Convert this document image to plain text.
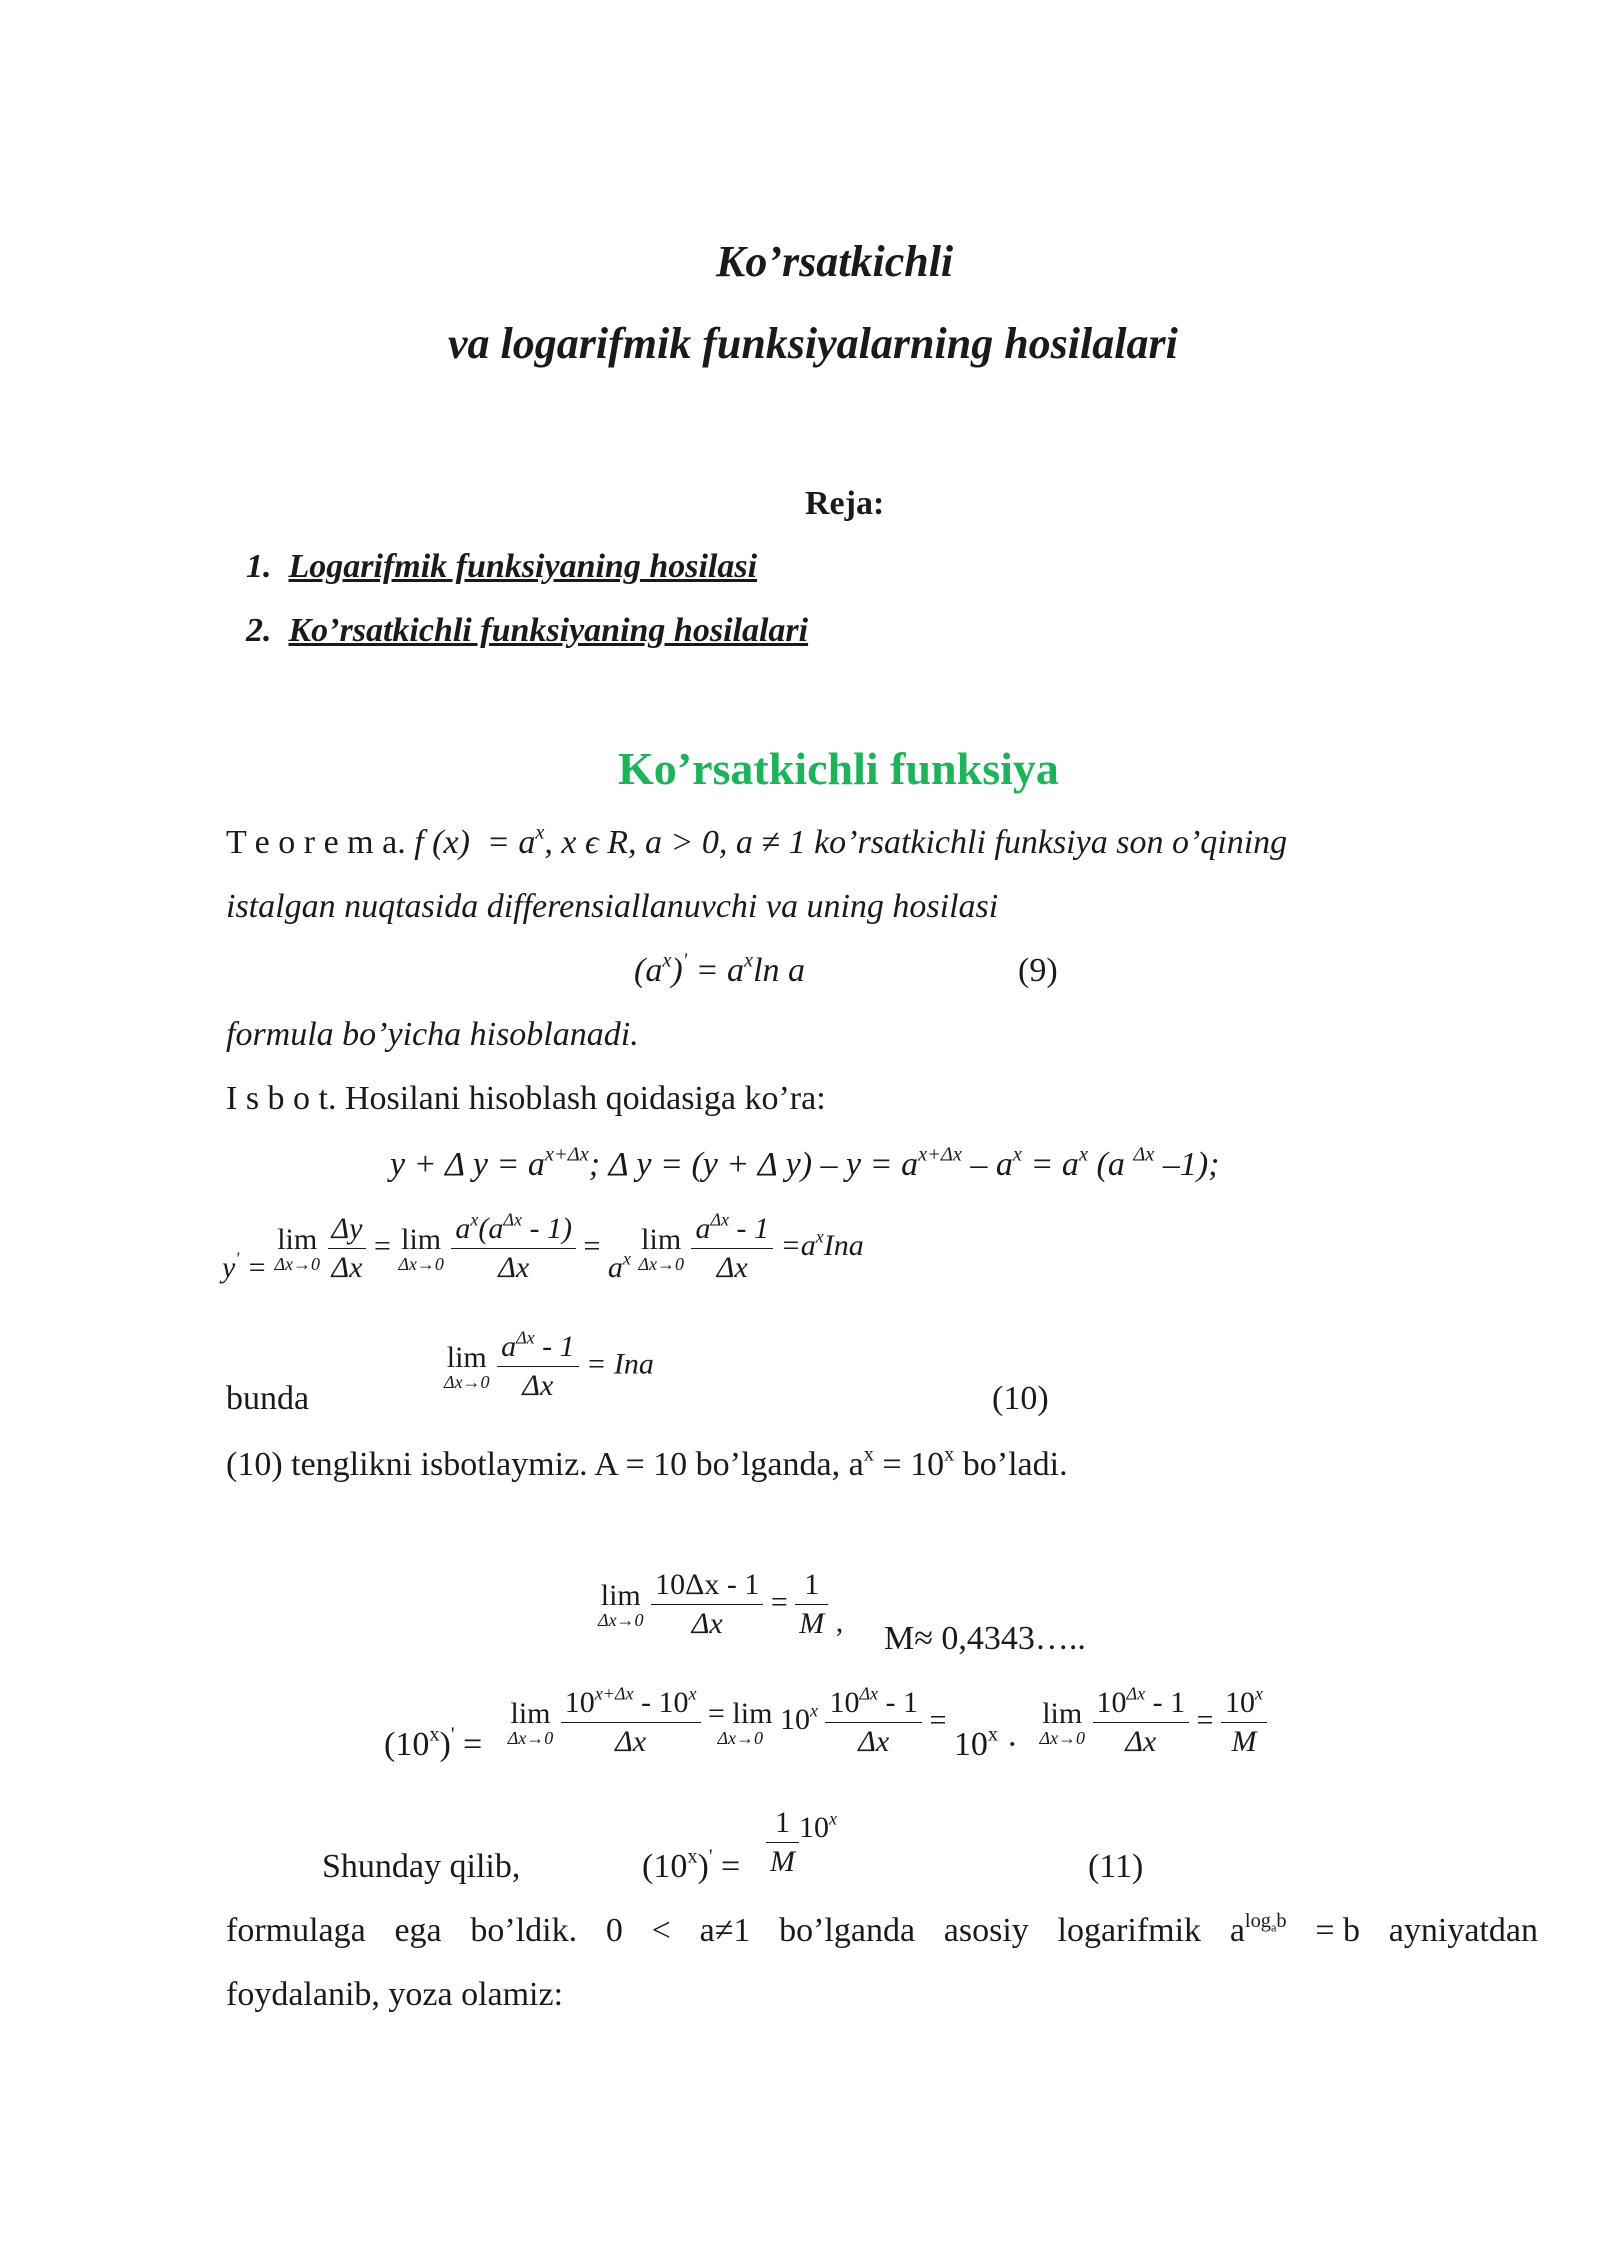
Ko’rsatkichli
va logarifmik funksiyalarning hosilalari
Reja:
1. Logarifmik funksiyaning hosilasi
2. Ko’rsatkichli funksiyaning hosilalari
Ko’rsatkichli funksiya
T e o r e m a. f $(x) = a^x$, x ϵ R, a > 0, a ≠ 1 ko’rsatkichli funksiya son o’qining
istalgan nuqtasida differensiallanuvchi va uning hosilasi
$(a^x)' = a^x\ln$ a	(9)
formula bo’yicha hisoblanadi.
I s b o t. Hosilani hisoblash qoidasiga ko’ra:
y + Δ $y = a^{x+\Delta x}$; Δ y = (y + Δ $y) - y = a^{x+\Delta x} - a^x = a^x$ (a $^{\Delta x}$ –1);
y' = lim
Δx→0
$\frac{\Delta y}{\Delta x} = \lim$
Δx→0
$\frac{a^x(a^{\Delta x} - 1)}{\Delta x} = a^x$ lim
Δx→0
$\frac{a^{\Delta x} - 1}{\Delta x} =a^xIna$
bunda
lim
Δx→0
$\frac{a^{\Delta x} - 1}{\Delta x}$ = Ina
(10)
(10) tenglikni isbotlaymiz. A = 10 bo’lganda, $a^x = 10^x$ bo’ladi.
lim
Δx→0
$\frac{10\Delta x - 1}{\Delta x} = \frac{1}{M}$ , M≈ 0,4343…..
$(10^x)' = \lim$
Δx→0
$\frac{10^{x+\Delta x} - 10^x}{\Delta x} = \lim$
Δx→0
$10^x \frac{10^{\Delta x} - 1}{\Delta x} = 10^x \cdot \lim$
Δx→0
$\frac{10^{\Delta x} - 1}{\Delta x} = \frac{10^x}{M}$
Shunday qilib,	$(10^x)' = \frac{1}{M} 10^x$
(11)
formulaga ega bo’ldik. 0 < a≠1 bo’lganda asosiy logarifmik $a^{log_ab} = b$ ayniyatdan
foydalanib, yoza olamiz:
